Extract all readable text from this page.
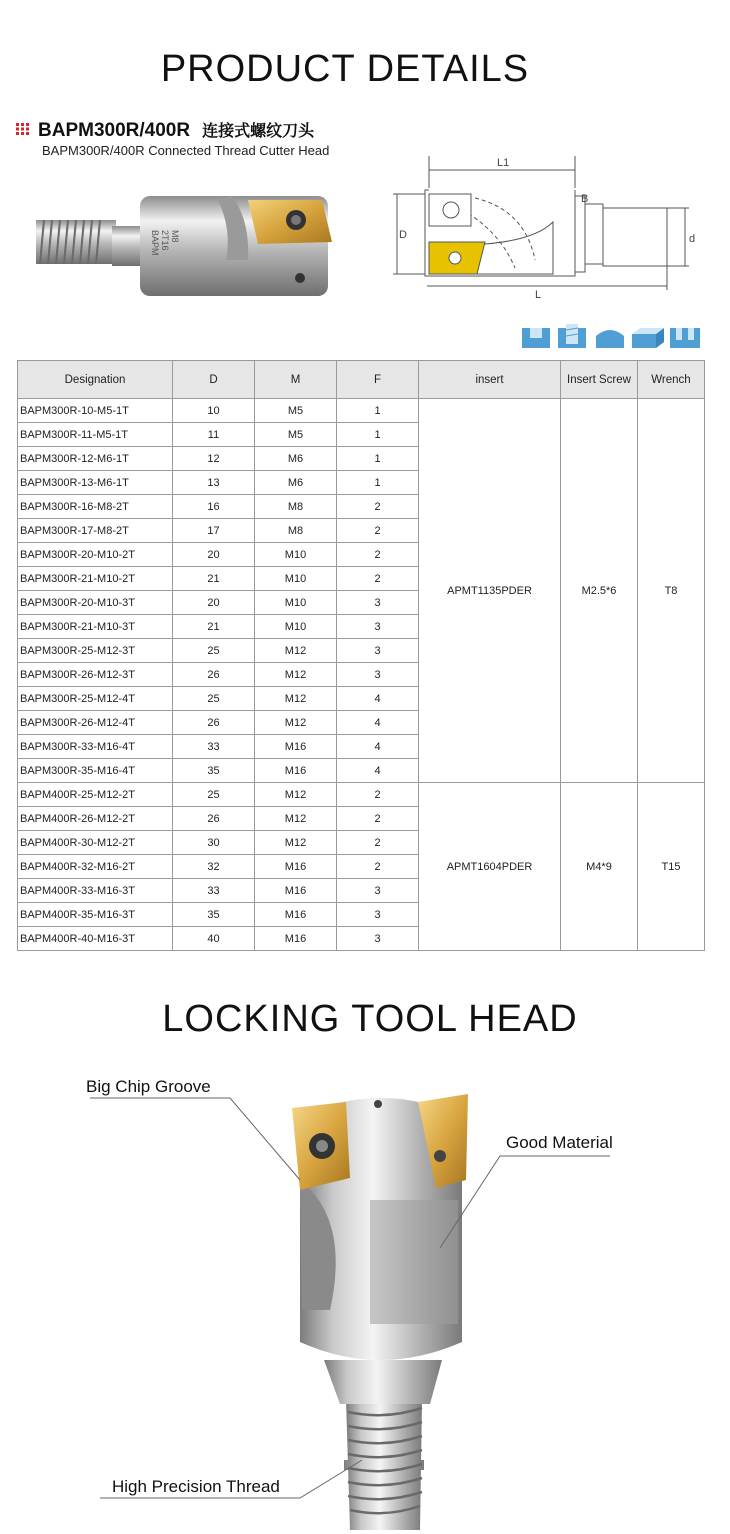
PRODUCT DETAILS
BAPM300R/400R 连接式螺纹刀头
BAPM300R/400R Connected Thread Cutter Head
BAPM 2T16 M8
L1
B
D	d
L
Designation	D	M	F	insert	Insert Screw	Wrench
BAPM300R-10-M5-1T	10	M5	1	APMT1135PDER	M2.5*6	T8
BAPM300R-11-M5-1T	11	M5	1			
BAPM300R-12-M6-1T	12	M6	1			
BAPM300R-13-M6-1T	13	M6	1			
BAPM300R-16-M8-2T	16	M8	2			
BAPM300R-17-M8-2T	17	M8	2			
BAPM300R-20-M10-2T	20	M10	2			
BAPM300R-21-M10-2T	21	M10	2			
BAPM300R-20-M10-3T	20	M10	3			
BAPM300R-21-M10-3T	21	M10	3			
BAPM300R-25-M12-3T	25	M12	3			
BAPM300R-26-M12-3T	26	M12	3			
BAPM300R-25-M12-4T	25	M12	4			
BAPM300R-26-M12-4T	26	M12	4			
BAPM300R-33-M16-4T	33	M16	4			
BAPM300R-35-M16-4T	35	M16	4			
BAPM400R-25-M12-2T	25	M12	2	APMT1604PDER	M4*9	T15
BAPM400R-26-M12-2T	26	M12	2			
BAPM400R-30-M12-2T	30	M12	2			
BAPM400R-32-M16-2T	32	M16	2			
BAPM400R-33-M16-3T	33	M16	3			
BAPM400R-35-M16-3T	35	M16	3			
BAPM400R-40-M16-3T	40	M16	3			
LOCKING TOOL HEAD
Big Chip Groove
Good Material
High Precision Thread
